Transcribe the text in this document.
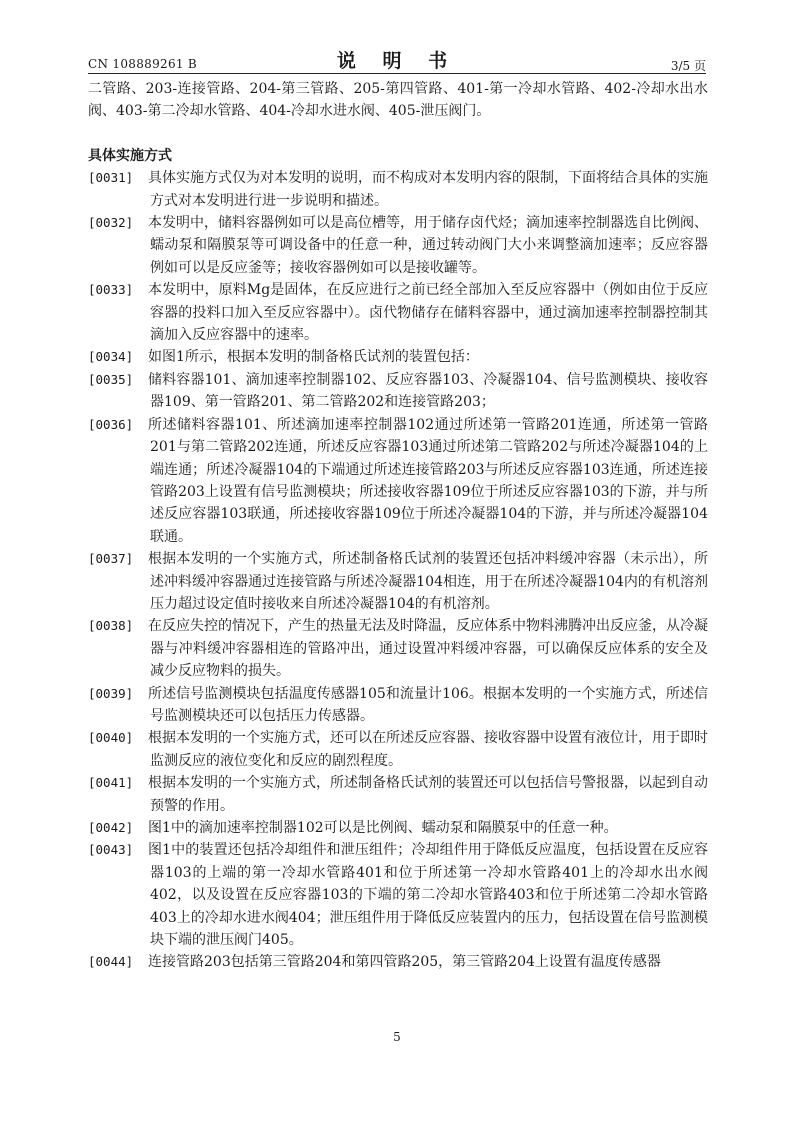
CN 108889261 B	说 明 书	3/5 页

二管路、203-连接管路、204-第三管路、205-第四管路、401-第一冷却水管路、402-冷却水出水阀、403-第二冷却水管路、404-冷却水进水阀、405-泄压阀门。

具体实施方式

[0031]	具体实施方式仅为对本发明的说明，而不构成对本发明内容的限制，下面将结合具体的实施方式对本发明进行进一步说明和描述。

[0032]	本发明中，储料容器例如可以是高位槽等，用于储存卤代烃；滴加速率控制器选自比例阀、蠕动泵和隔膜泵等可调设备中的任意一种，通过转动阀门大小来调整滴加速率；反应容器例如可以是反应釜等；接收容器例如可以是接收罐等。

[0033]	本发明中，原料Mg是固体，在反应进行之前已经全部加入至反应容器中（例如由位于反应容器的投料口加入至反应容器中）。卤代物储存在储料容器中，通过滴加速率控制器控制其滴加入反应容器中的速率。

[0034]	如图1所示，根据本发明的制备格氏试剂的装置包括：

[0035]	储料容器101、滴加速率控制器102、反应容器103、冷凝器104、信号监测模块、接收容器109、第一管路201、第二管路202和连接管路203；

[0036]	所述储料容器101、所述滴加速率控制器102通过所述第一管路201连通，所述第一管路201与第二管路202连通，所述反应容器103通过所述第二管路202与所述冷凝器104的上端连通；所述冷凝器104的下端通过所述连接管路203与所述反应容器103连通，所述连接管路203上设置有信号监测模块；所述接收容器109位于所述反应容器103的下游，并与所述反应容器103联通，所述接收容器109位于所述冷凝器104的下游，并与所述冷凝器104联通。

[0037]	根据本发明的一个实施方式，所述制备格氏试剂的装置还包括冲料缓冲容器（未示出），所述冲料缓冲容器通过连接管路与所述冷凝器104相连，用于在所述冷凝器104内的有机溶剂压力超过设定值时接收来自所述冷凝器104的有机溶剂。

[0038]	在反应失控的情况下，产生的热量无法及时降温，反应体系中物料沸腾冲出反应釜，从冷凝器与冲料缓冲容器相连的管路冲出，通过设置冲料缓冲容器，可以确保反应体系的安全及减少反应物料的损失。

[0039]	所述信号监测模块包括温度传感器105和流量计106。根据本发明的一个实施方式，所述信号监测模块还可以包括压力传感器。

[0040]	根据本发明的一个实施方式，还可以在所述反应容器、接收容器中设置有液位计，用于即时监测反应的液位变化和反应的剧烈程度。

[0041]	根据本发明的一个实施方式，所述制备格氏试剂的装置还可以包括信号警报器，以起到自动预警的作用。

[0042]	图1中的滴加速率控制器102可以是比例阀、蠕动泵和隔膜泵中的任意一种。

[0043]	图1中的装置还包括冷却组件和泄压组件；冷却组件用于降低反应温度，包括设置在反应容器103的上端的第一冷却水管路401和位于所述第一冷却水管路401上的冷却水出水阀402，以及设置在反应容器103的下端的第二冷却水管路403和位于所述第二冷却水管路403上的冷却水进水阀404；泄压组件用于降低反应装置内的压力，包括设置在信号监测模块下端的泄压阀门405。

[0044]	连接管路203包括第三管路204和第四管路205，第三管路204上设置有温度传感器

5
